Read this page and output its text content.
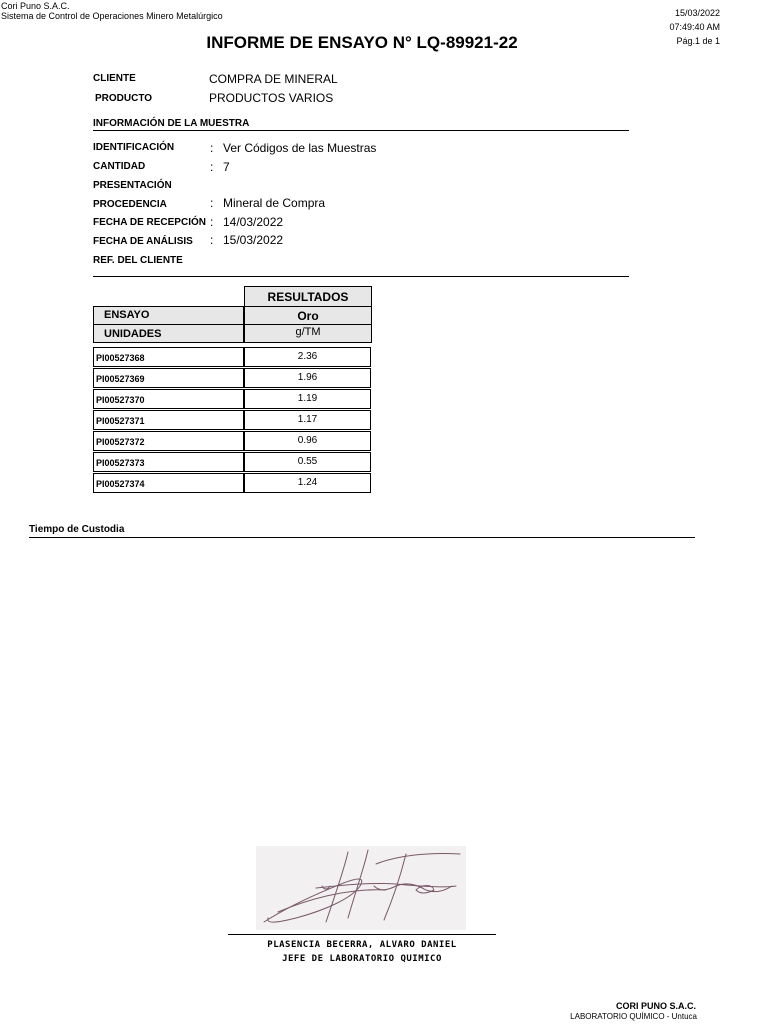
Cori Puno S.A.C.
Sistema de Control de Operaciones Minero Metalúrgico	15/03/2022
07:49:40 AM
Pág.1 de 1
INFORME DE ENSAYO N° LQ-89921-22
CLIENTE	COMPRA DE MINERAL
PRODUCTO	PRODUCTOS VARIOS
INFORMACIÓN DE LA MUESTRA
IDENTIFICACIÓN	: Ver Códigos de las Muestras
CANTIDAD	: 7
PRESENTACIÓN
PROCEDENCIA	: Mineral de Compra
FECHA DE RECEPCIÓN : 14/03/2022
FECHA DE ANÁLISIS : 15/03/2022
REF. DEL CLIENTE
RESULTADOS
ENSAYO	Oro
UNIDADES	g/TM
PI00527368	2.36
PI00527369	1.96
PI00527370	1.19
PI00527371	1.17
PI00527372	0.96
PI00527373	0.55
PI00527374	1.24
Tiempo de Custodia
PLASENCIA BECERRA, ALVARO DANIEL
JEFE DE LABORATORIO QUIMICO
CORI PUNO S.A.C.
LABORATORIO QUÍMICO - Untuca
